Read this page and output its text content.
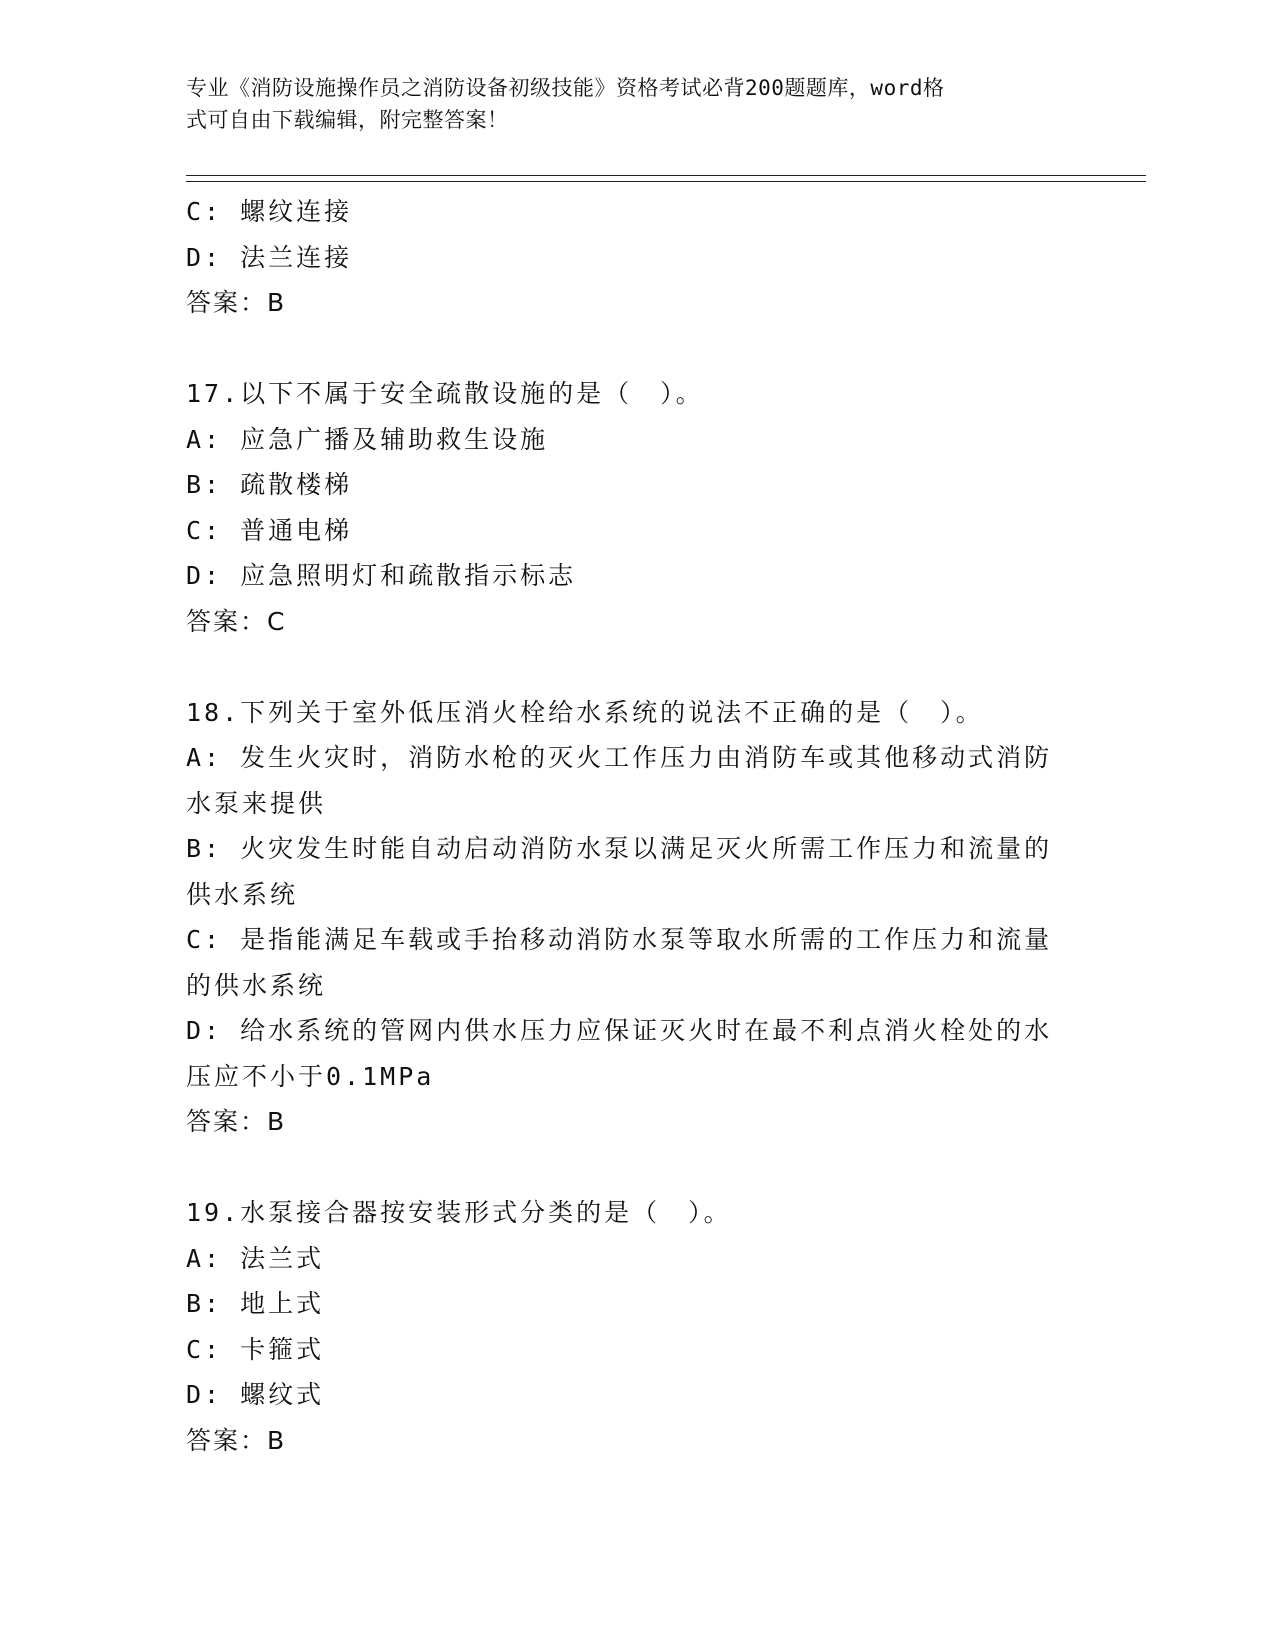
专业《消防设施操作员之消防设备初级技能》资格考试必背200题题库，word格
式可自由下载编辑，附完整答案！
C: 螺纹连接
D: 法兰连接
答案：B
17.以下不属于安全疏散设施的是（　）。
A: 应急广播及辅助救生设施
B: 疏散楼梯
C: 普通电梯
D: 应急照明灯和疏散指示标志
答案：C
18.下列关于室外低压消火栓给水系统的说法不正确的是（　）。
A: 发生火灾时，消防水枪的灭火工作压力由消防车或其他移动式消防水泵来提供
B: 火灾发生时能自动启动消防水泵以满足灭火所需工作压力和流量的供水系统
C: 是指能满足车载或手抬移动消防水泵等取水所需的工作压力和流量的供水系统
D: 给水系统的管网内供水压力应保证灭火时在最不利点消火栓处的水压应不小于0.1MPa
答案：B
19.水泵接合器按安装形式分类的是（　）。
A: 法兰式
B: 地上式
C: 卡箍式
D: 螺纹式
答案：B
